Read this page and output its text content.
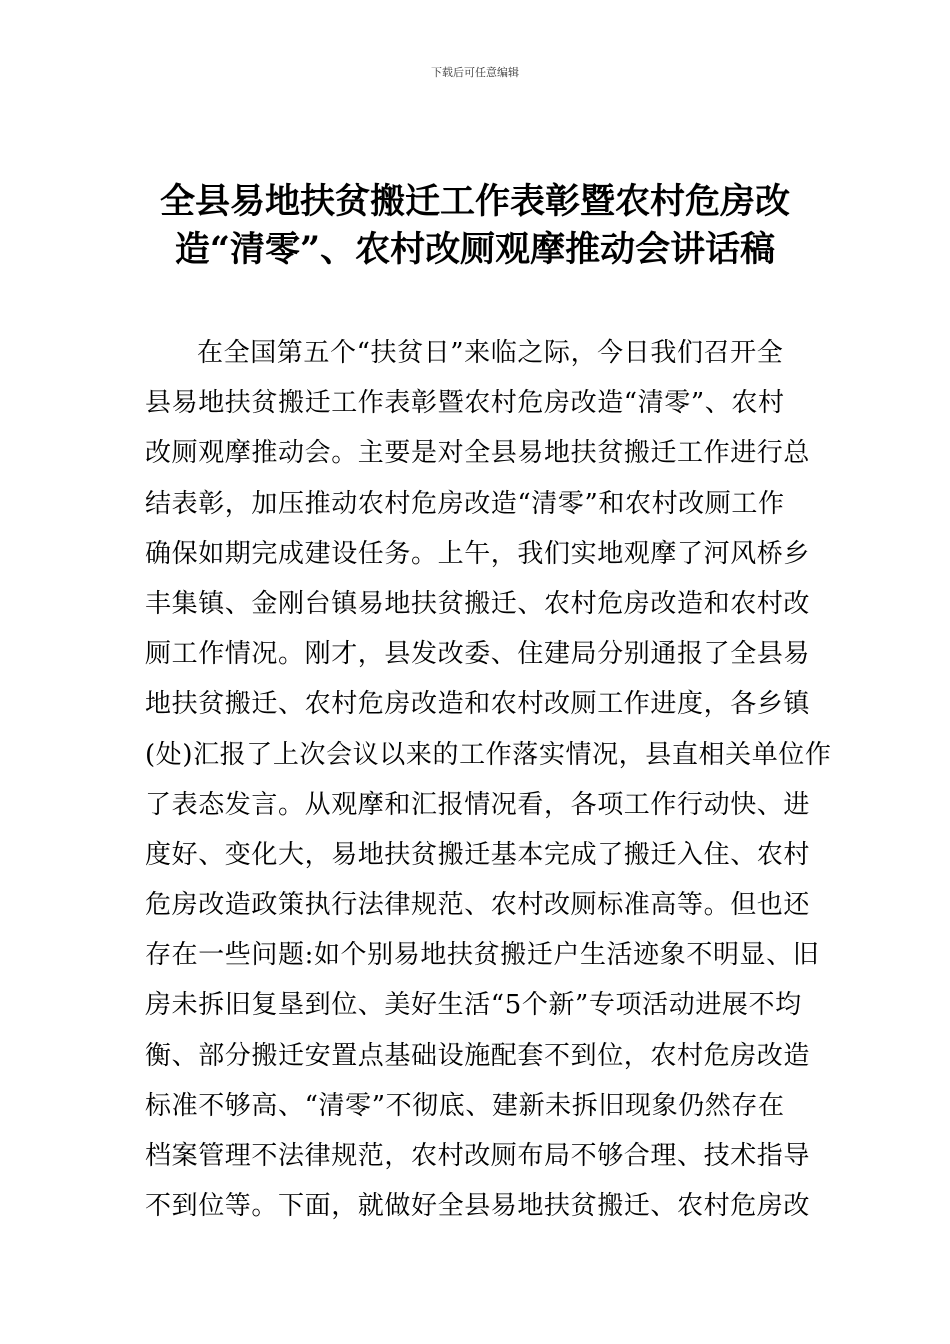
下载后可任意编辑
全县易地扶贫搬迁工作表彰暨农村危房改
造“清零”、农村改厕观摩推动会讲话稿
在全国第五个“扶贫日”来临之际，今日我们召开全
县易地扶贫搬迁工作表彰暨农村危房改造“清零”、农村
改厕观摩推动会。主要是对全县易地扶贫搬迁工作进行总
结表彰，加压推动农村危房改造“清零”和农村改厕工作
确保如期完成建设任务。上午，我们实地观摩了河风桥乡
丰集镇、金刚台镇易地扶贫搬迁、农村危房改造和农村改
厕工作情况。刚才，县发改委、住建局分别通报了全县易
地扶贫搬迁、农村危房改造和农村改厕工作进度，各乡镇
(处)汇报了上次会议以来的工作落实情况，县直相关单位作
了表态发言。从观摩和汇报情况看，各项工作行动快、进
度好、变化大，易地扶贫搬迁基本完成了搬迁入住、农村
危房改造政策执行法律规范、农村改厕标准高等。但也还
存在一些问题:如个别易地扶贫搬迁户生活迹象不明显、旧
房未拆旧复垦到位、美好生活“5个新”专项活动进展不均
衡、部分搬迁安置点基础设施配套不到位，农村危房改造
标准不够高、“清零”不彻底、建新未拆旧现象仍然存在
档案管理不法律规范，农村改厕布局不够合理、技术指导
不到位等。下面，就做好全县易地扶贫搬迁、农村危房改
